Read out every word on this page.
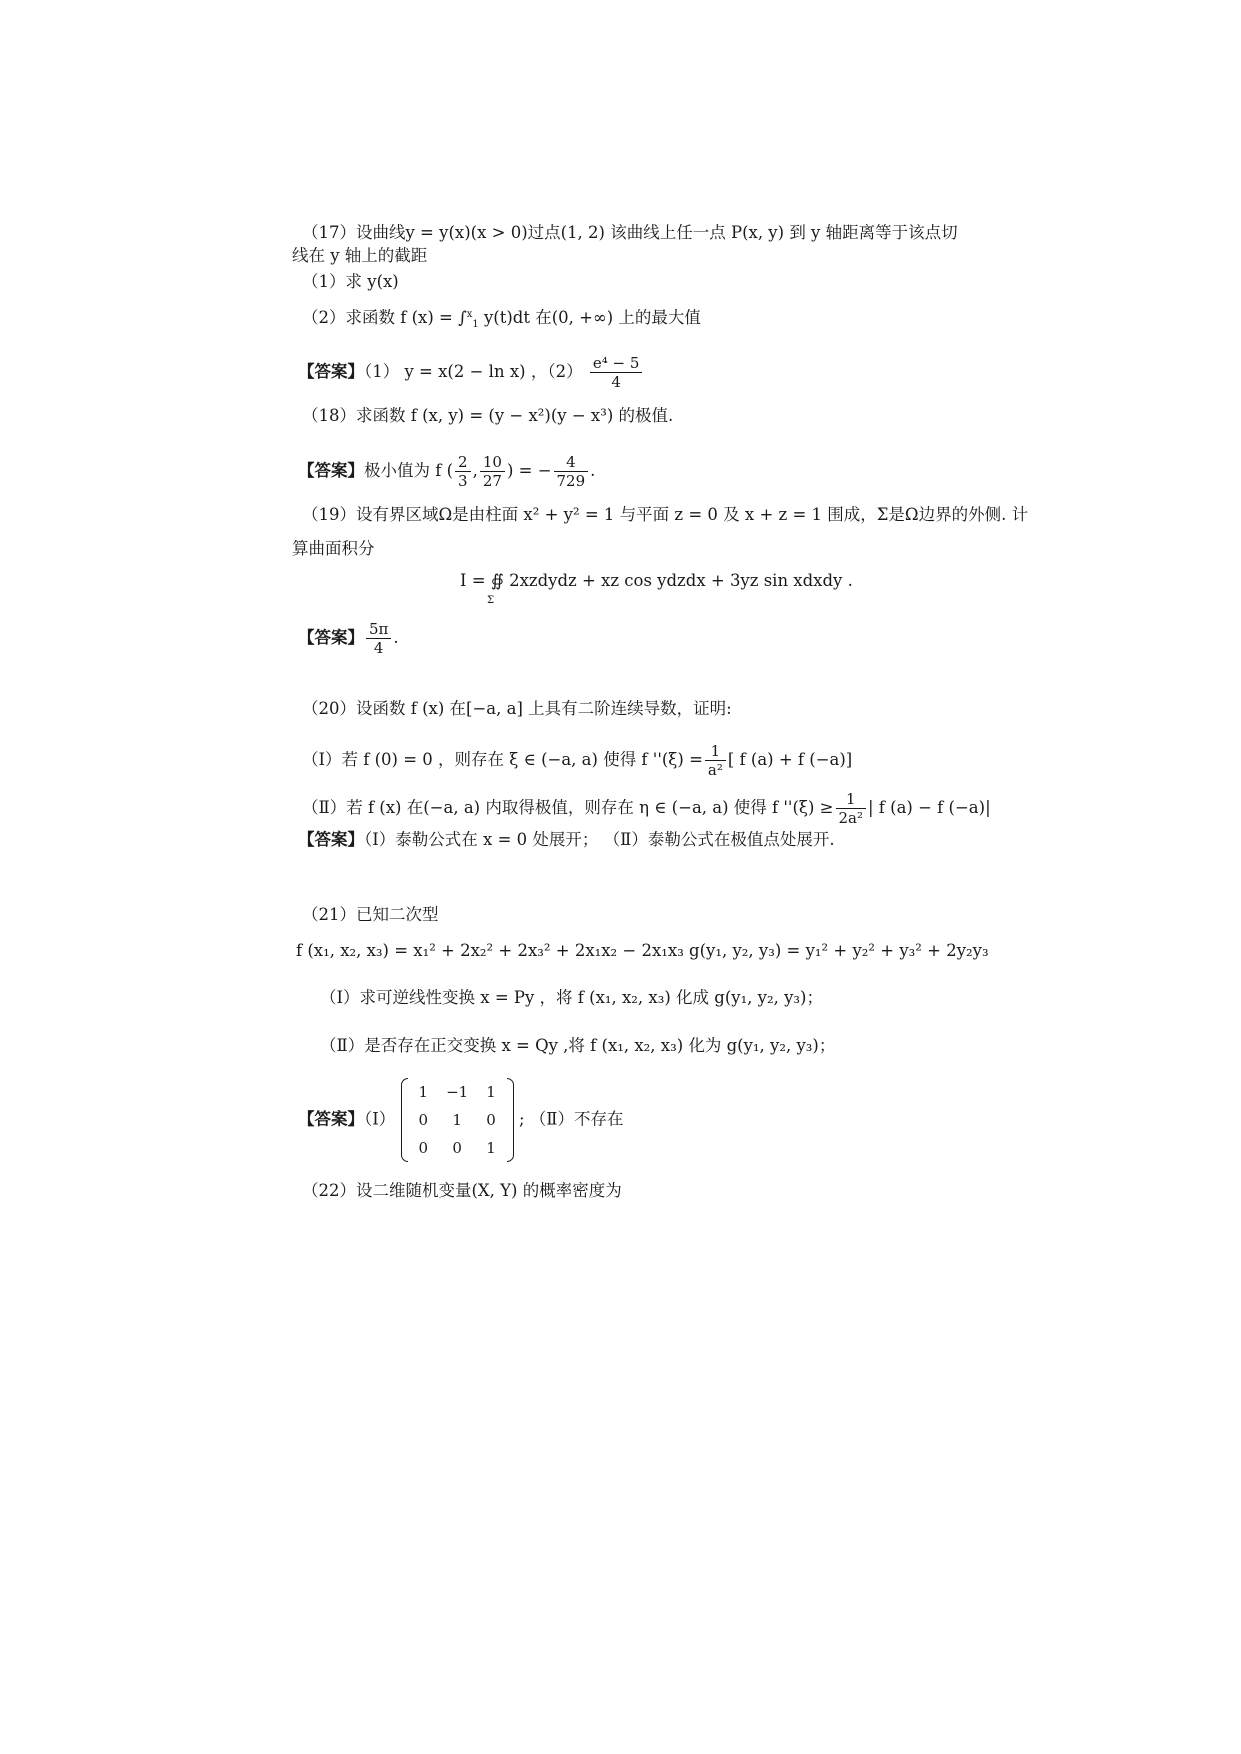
（17）设曲线y = y(x)(x > 0)过点(1, 2) 该曲线上任一点 P(x, y) 到 y 轴距离等于该点切
线在 y 轴上的截距
（1）求 y(x)
（2）求函数 f (x) = ∫$^x_1$ y(t)dt 在(0, +∞) 上的最大值
【答案】（1） y = x(2 − ln x) ，$(2) \frac{\text{e⁴ − 5}}{4}$
（18）求函数 f (x, y) = (y − x²)(y − x³) 的极值.
【答案】极小值为 f ( $\frac{2}{3}$ , $\frac{10}{27}$ ) = − $\frac{4}{729}$ .
（19）设有界区域Ω是由柱面 x² + y² = 1 与平面 z = 0 及 x + z = 1 围成，Σ是Ω边界的外侧. 计
算曲面积分
I = ∯ 2xzdydz + xz cos ydzdx + 3yz sin xdxdy .
Σ
【答案】 $\frac{5\pi}{4}$ .
（20）设函数 f (x) 在[−a, a] 上具有二阶连续导数，证明:
（Ⅰ）若 f (0) = 0 ，则存在 ξ ∈ (−a, a) 使得 f ''$(\xi) = \frac{1}{\text{a²}}$ [ f (a) + f (−a)]
（Ⅱ）若 f (x) 在(−a, a) 内取得极值，则存在 η ∈ (−a, a) 使得 f ''$(\xi) \ge \frac{1}{\text{2a²}}$ | f (a) − f (−a)|
【答案】（Ⅰ）泰勒公式在 x = 0 处展开； （Ⅱ）泰勒公式在极值点处展开.
（21）已知二次型
f (x₁, x₂, x₃) = x₁² + 2x₂² + 2x₃² + 2x₁x₂ − 2x₁x₃ g(y₁, y₂, y₃) = y₁² + y₂² + y₃² + 2y₂y₃
（Ⅰ）求可逆线性变换 x = Py ，将 f (x₁, x₂, x₃) 化成 g(y₁, y₂, y₃)；
（Ⅱ）是否存在正交变换 x = Qy ,将 f (x₁, x₂, x₃) 化为 g(y₁, y₂, y₃)；
【答案】（Ⅰ）
1	−1	1
0	1	0
0	0	1
; （Ⅱ）不存在
（22）设二维随机变量(X, Y) 的概率密度为
